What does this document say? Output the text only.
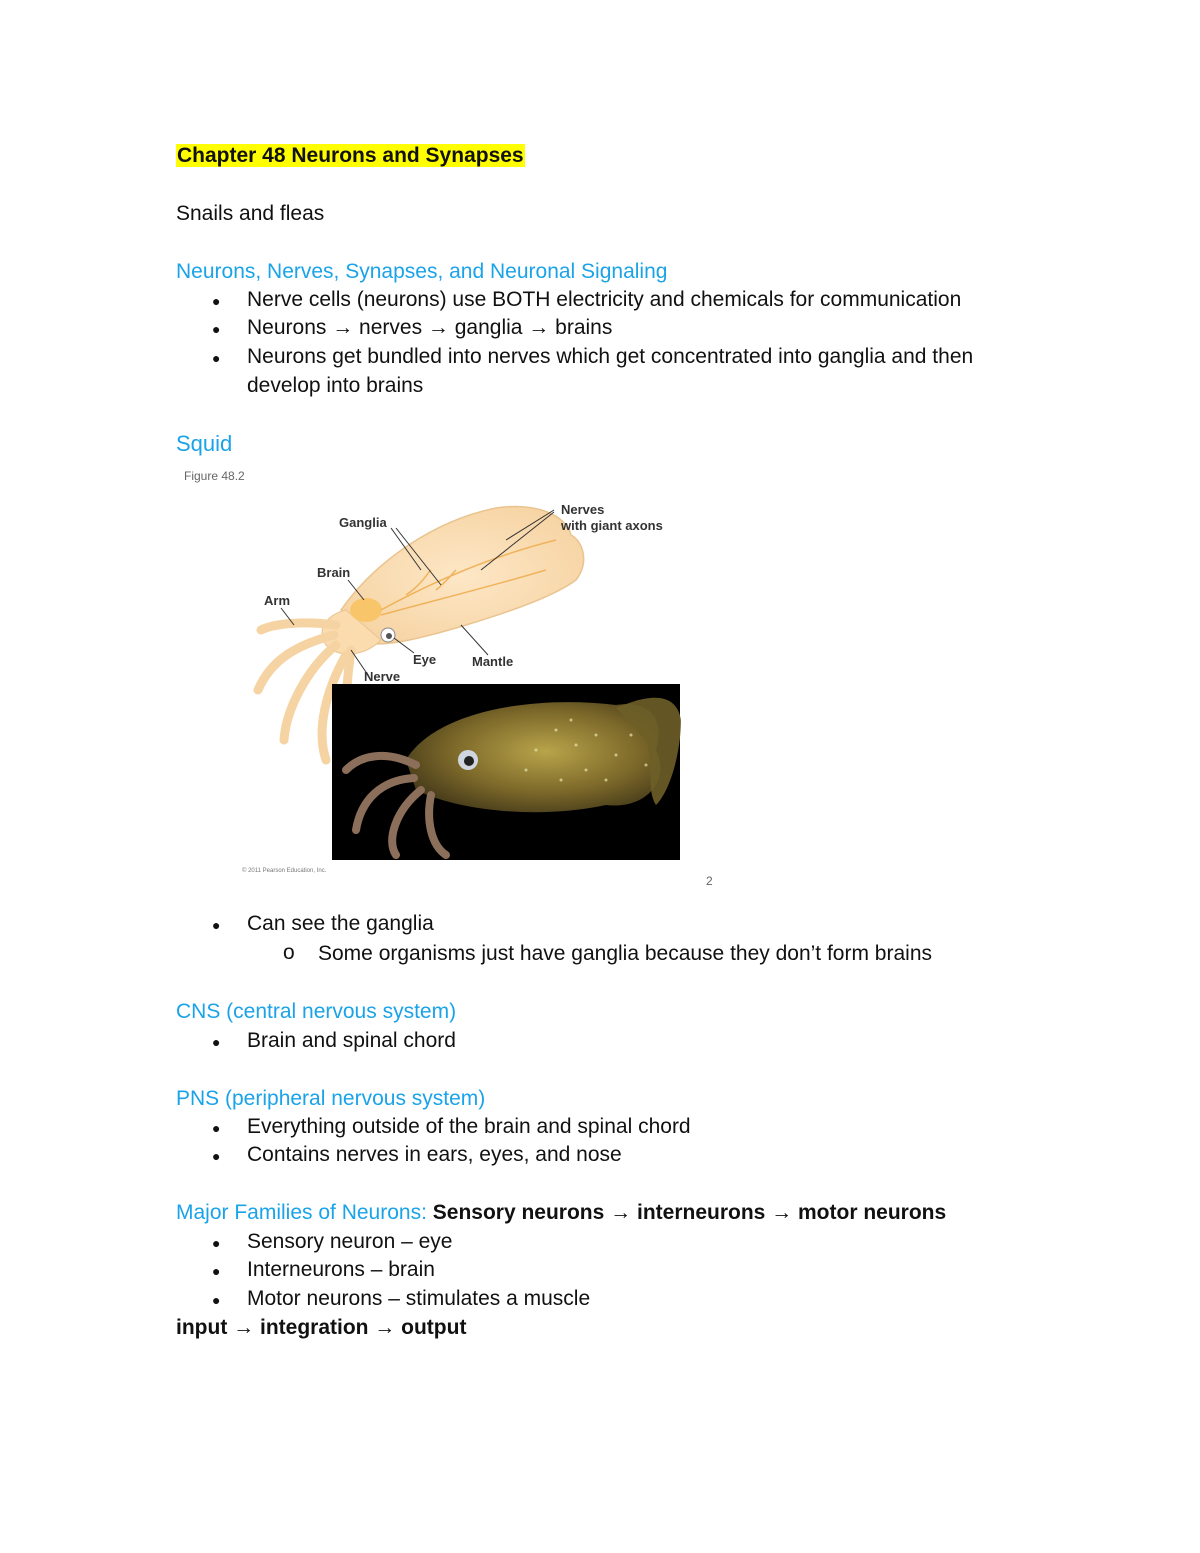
Chapter 48 Neurons and Synapses
Snails and fleas
Neurons, Nerves, Synapses, and Neuronal Signaling
● Nerve cells (neurons) use BOTH electricity and chemicals for communication
● Neurons → nerves → ganglia → brains
● Neurons get bundled into nerves which get concentrated into ganglia and then
develop into brains
Squid
Figure 48.2
Ganglia
Nerves
with giant axons
Brain
Arm
Eye	Mantle
Nerve
© 2011 Pearson Education, Inc.
2
● Can see the ganglia
o Some organisms just have ganglia because they don’t form brains
CNS (central nervous system)
● Brain and spinal chord
PNS (peripheral nervous system)
● Everything outside of the brain and spinal chord
● Contains nerves in ears, eyes, and nose
Major Families of Neurons: Sensory neurons → interneurons → motor neurons
● Sensory neuron – eye
● Interneurons – brain
● Motor neurons – stimulates a muscle
input → integration → output
